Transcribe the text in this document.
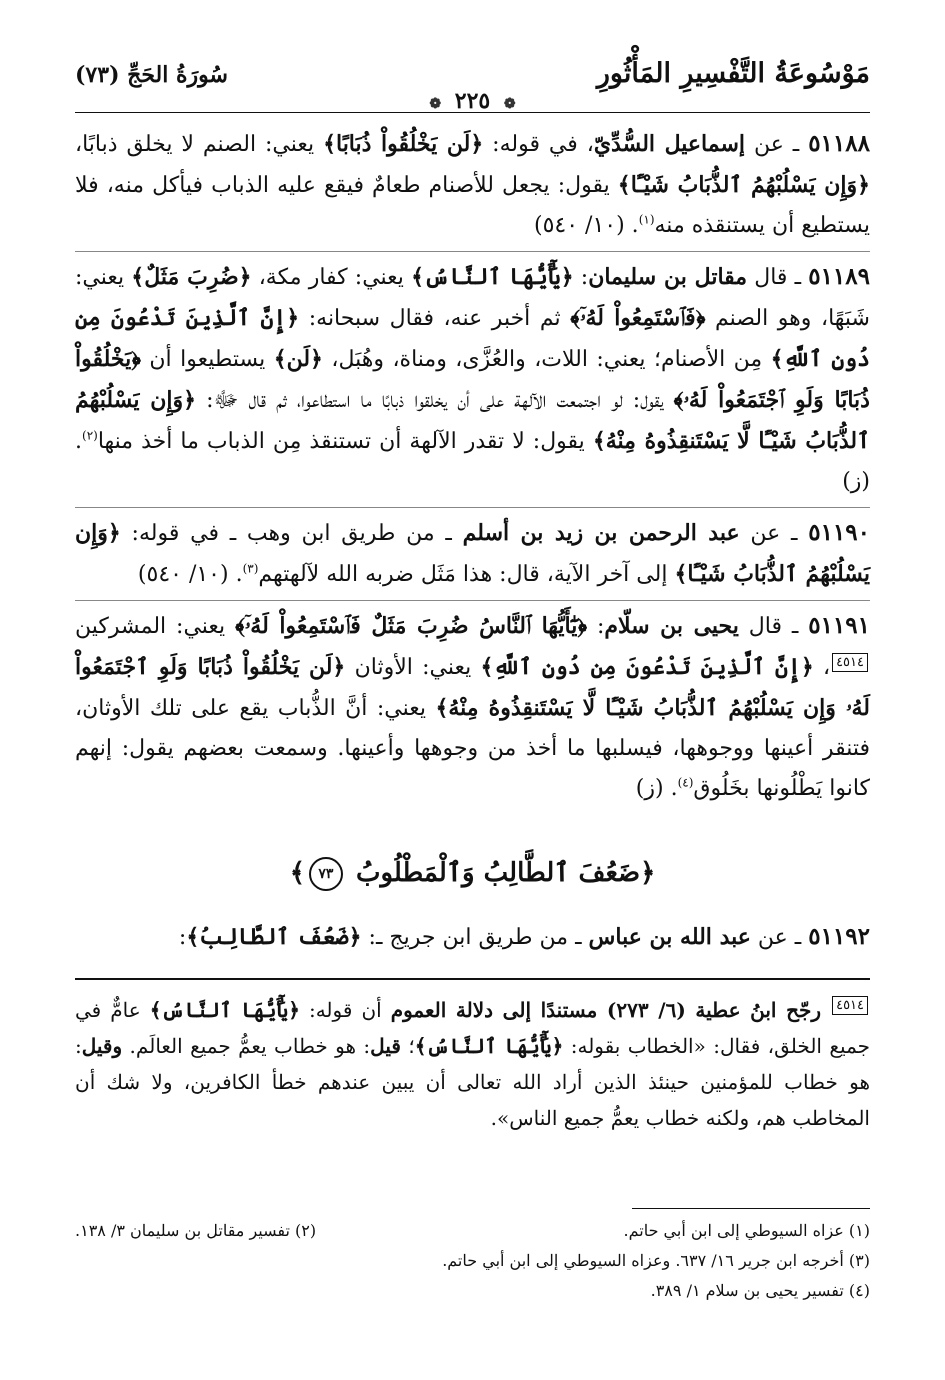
مَوْسُوعَةُ التَّفْسِيرِ المَأْثُورِ
سُورَةُ الحَجِّ (٧٣)
❁ ٢٢٥ ❁

٥١١٨٨ ـ عن إسماعيل السُّدِّيّ، في قوله: ﴿لَن يَخْلُقُواْ ذُبَابًا﴾ يعني: الصنم لا يخلق ذبابًا، ﴿وَإِن يَسْلُبْهُمُ ٱلذُّبَابُ شَيْـًٔا﴾ يقول: يجعل للأصنام طعامٌ فيقع عليه الذباب فيأكل منه، فلا يستطيع أن يستنقذه منه$^{(١)}$. (١٠/ ٥٤٠)

٥١١٨٩ ـ قال مقاتل بن سليمان: ﴿يَٰٓأَيُّهَا ٱلنَّاسُ﴾ يعني: كفار مكة، ﴿ضُرِبَ مَثَلٌ﴾ يعني: شَبَهًا، وهو الصنم ﴿فَٱسْتَمِعُواْ لَهُۥٓ﴾ ثم أخبر عنه، فقال سبحانه: ﴿إِنَّ ٱلَّذِينَ تَدْعُونَ مِن دُونِ ٱللَّهِ﴾ مِن الأصنام؛ يعني: اللات، والعُزَّى، ومناة، وهُبَل، ﴿لَن﴾ يستطيعوا أن ﴿يَخْلُقُواْ ذُبَابًا وَلَوِ ٱجْتَمَعُواْ لَهُۥ﴾ يقول: لو اجتمعت الآلهة على أن يخلقوا ذبابًا ما استطاعوا، ثم قال ﷻ: ﴿وَإِن يَسْلُبْهُمُ ٱلذُّبَابُ شَيْـًٔا لَّا يَسْتَنقِذُوهُ مِنْهُ﴾ يقول: لا تقدر الآلهة أن تستنقذ مِن الذباب ما أخذ منها$^{(٢)}$. (ز)

٥١١٩٠ ـ عن عبد الرحمن بن زيد بن أسلم ـ من طريق ابن وهب ـ في قوله: ﴿وَإِن يَسْلُبْهُمُ ٱلذُّبَابُ شَيْـًٔا﴾ إلى آخر الآية، قال: هذا مَثَل ضربه الله لآلهتهم$^{(٣)}$. (١٠/ ٥٤٠)

٥١١٩١ ـ قال يحيى بن سلّام: ﴿يَٰٓأَيُّهَا ٱلنَّاسُ ضُرِبَ مَثَلٌ فَٱسْتَمِعُواْ لَهُۥٓ﴾ يعني: المشركين٤٥١٤، ﴿إِنَّ ٱلَّذِينَ تَدْعُونَ مِن دُونِ ٱللَّهِ﴾ يعني: الأوثان ﴿لَن يَخْلُقُواْ ذُبَابًا وَلَوِ ٱجْتَمَعُواْ لَهُۥ وَإِن يَسْلُبْهُمُ ٱلذُّبَابُ شَيْـًٔا لَّا يَسْتَنقِذُوهُ مِنْهُ﴾ يعني: أنَّ الذُّباب يقع على تلك الأوثان، فتنقر أعينها ووجوهها، فيسلبها ما أخذ من وجوهها وأعينها. وسمعت بعضهم يقول: إنهم كانوا يَطْلُونها بخَلُوق$^{(٤)}$. (ز)

﴿ضَعُفَ ٱلطَّالِبُ وَٱلْمَطْلُوبُ ٧٣﴾

٥١١٩٢ ـ عن عبد الله بن عباس ـ من طريق ابن جريج ـ: ﴿ضَعُفَ ٱلطَّالِبُ﴾:

٤٥١٤ رجّح ابنُ عطية (٦/ ٢٧٣) مستندًا إلى دلالة العموم أن قوله: ﴿يَٰٓأَيُّهَا ٱلنَّاسُ﴾ عامٌّ في جميع الخلق، فقال: «الخطاب بقوله: ﴿يَٰٓأَيُّهَا ٱلنَّاسُ﴾؛ قيل: هو خطاب يعمُّ جميع العالَم. وقيل: هو خطاب للمؤمنين حينئذ الذين أراد الله تعالى أن يبين عندهم خطأ الكافرين، ولا شك أن المخاطب هم، ولكنه خطاب يعمُّ جميع الناس».

(١) عزاه السيوطي إلى ابن أبي حاتم.
(٢) تفسير مقاتل بن سليمان ٣/ ١٣٨.
(٣) أخرجه ابن جرير ١٦/ ٦٣٧. وعزاه السيوطي إلى ابن أبي حاتم.
(٤) تفسير يحيى بن سلام ١/ ٣٨٩.
